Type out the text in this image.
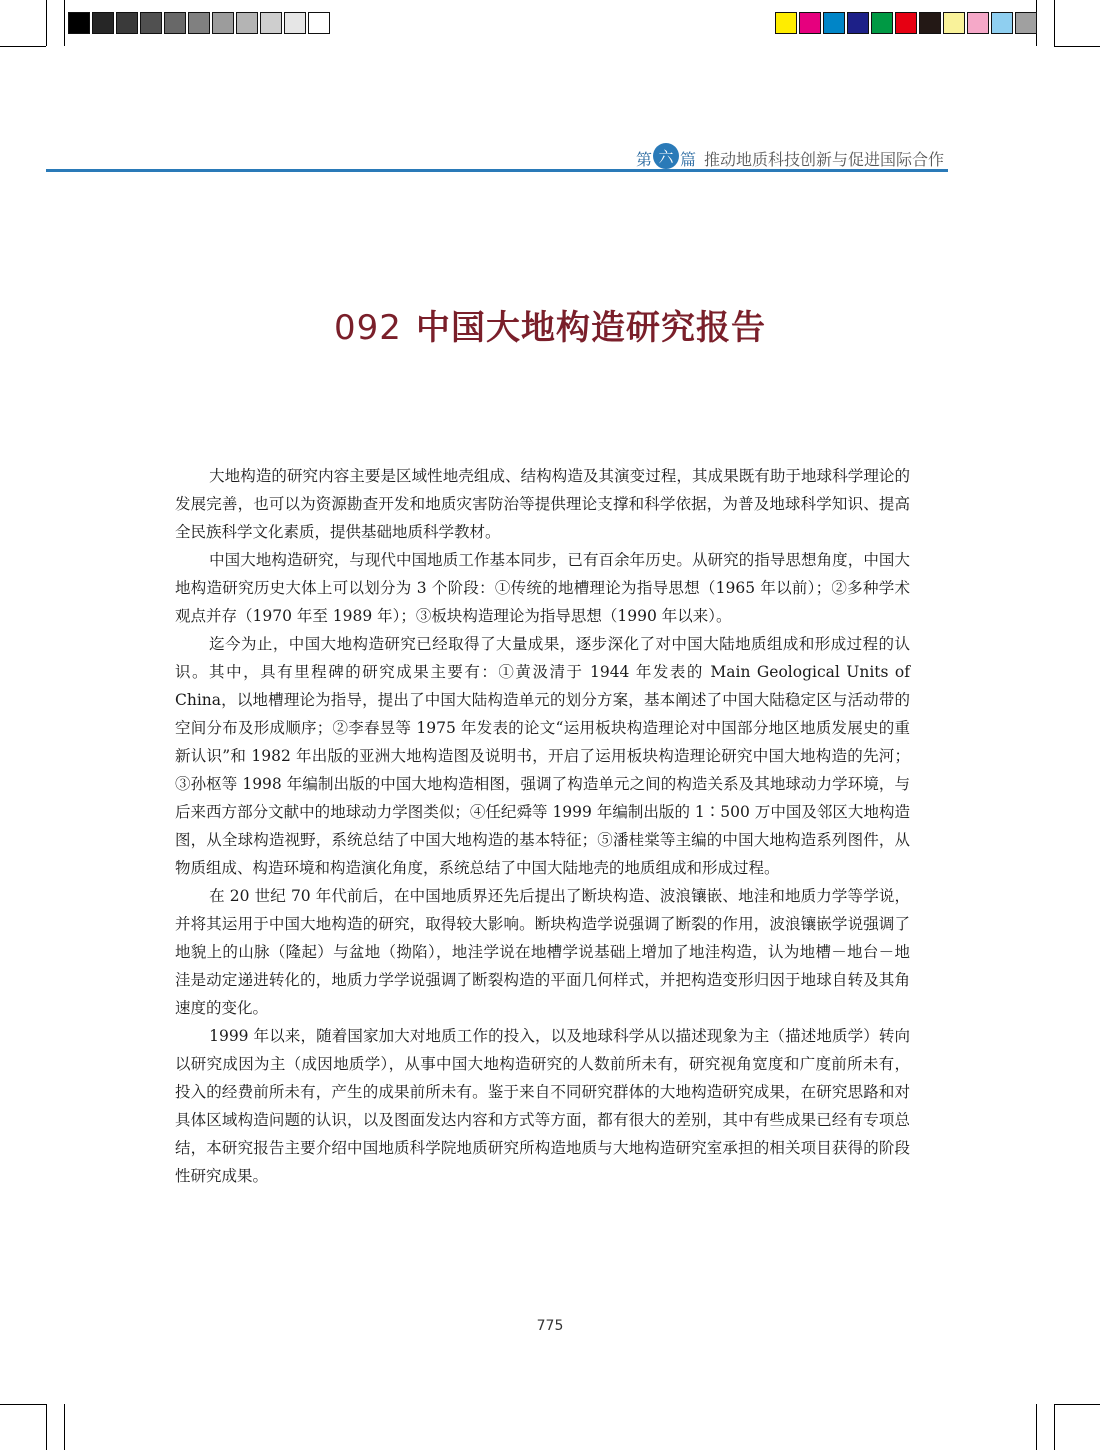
第 六 篇 推动地质科技创新与促进国际合作
092 中国大地构造研究报告

大地构造的研究内容主要是区域性地壳组成、结构构造及其演变过程，其成果既有助于地球科学理论的发展完善，也可以为资源勘查开发和地质灾害防治等提供理论支撑和科学依据，为普及地球科学知识、提高全民族科学文化素质，提供基础地质科学教材。

中国大地构造研究，与现代中国地质工作基本同步，已有百余年历史。从研究的指导思想角度，中国大地构造研究历史大体上可以划分为 3 个阶段：①传统的地槽理论为指导思想（1965 年以前）；②多种学术观点并存（1970 年至 1989 年）；③板块构造理论为指导思想（1990 年以来）。

迄今为止，中国大地构造研究已经取得了大量成果，逐步深化了对中国大陆地质组成和形成过程的认识。其中，具有里程碑的研究成果主要有：①黄汲清于 1944 年发表的 Main Geological Units of China，以地槽理论为指导，提出了中国大陆构造单元的划分方案，基本阐述了中国大陆稳定区与活动带的空间分布及形成顺序；②李春昱等 1975 年发表的论文“运用板块构造理论对中国部分地区地质发展史的重新认识”和 1982 年出版的亚洲大地构造图及说明书，开启了运用板块构造理论研究中国大地构造的先河；③孙枢等 1998 年编制出版的中国大地构造相图，强调了构造单元之间的构造关系及其地球动力学环境，与后来西方部分文献中的地球动力学图类似；④任纪舜等 1999 年编制出版的 1∶500 万中国及邻区大地构造图，从全球构造视野，系统总结了中国大地构造的基本特征；⑤潘桂棠等主编的中国大地构造系列图件，从物质组成、构造环境和构造演化角度，系统总结了中国大陆地壳的地质组成和形成过程。

在 20 世纪 70 年代前后，在中国地质界还先后提出了断块构造、波浪镶嵌、地洼和地质力学等学说，并将其运用于中国大地构造的研究，取得较大影响。断块构造学说强调了断裂的作用，波浪镶嵌学说强调了地貌上的山脉（隆起）与盆地（拗陷），地洼学说在地槽学说基础上增加了地洼构造，认为地槽－地台－地洼是动定递进转化的，地质力学学说强调了断裂构造的平面几何样式，并把构造变形归因于地球自转及其角速度的变化。

1999 年以来，随着国家加大对地质工作的投入，以及地球科学从以描述现象为主（描述地质学）转向以研究成因为主（成因地质学），从事中国大地构造研究的人数前所未有，研究视角宽度和广度前所未有，投入的经费前所未有，产生的成果前所未有。鉴于来自不同研究群体的大地构造研究成果，在研究思路和对具体区域构造问题的认识，以及图面发达内容和方式等方面，都有很大的差别，其中有些成果已经有专项总结，本研究报告主要介绍中国地质科学院地质研究所构造地质与大地构造研究室承担的相关项目获得的阶段性研究成果。

775
